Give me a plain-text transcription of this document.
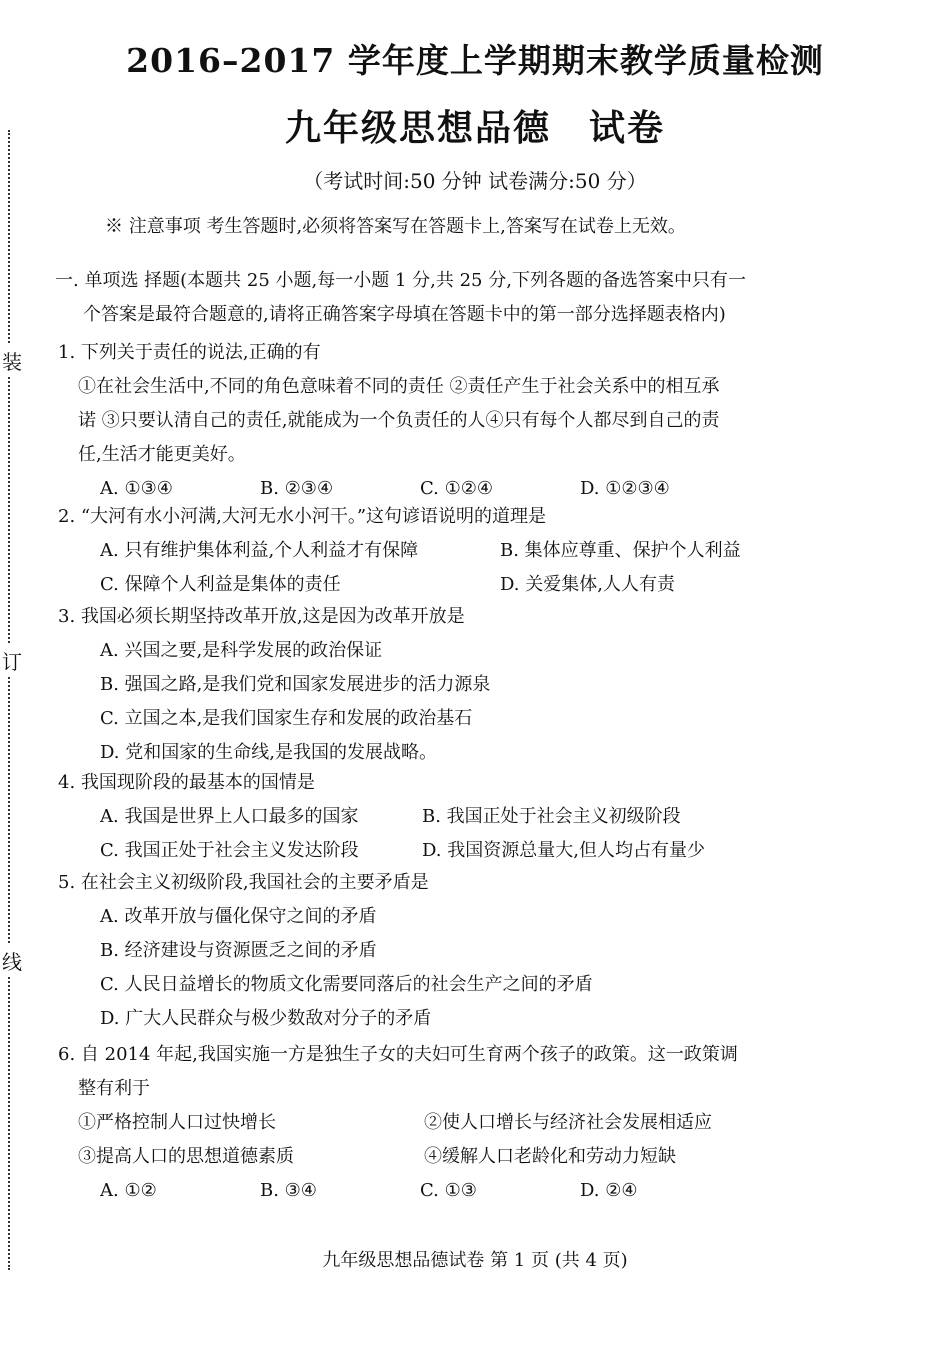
装
订
线
2016–2017 学年度上学期期末教学质量检测
九年级思想品德　试卷
（考试时间:50 分钟 试卷满分:50 分）
※ 注意事项 考生答题时,必须将答案写在答题卡上,答案写在试卷上无效。
一. 单项选 择题(本题共 25 小题,每一小题 1 分,共 25 分,下列各题的备选答案中只有一
个答案是最符合题意的,请将正确答案字母填在答题卡中的第一部分选择题表格内)
1. 下列关于责任的说法,正确的有
①在社会生活中,不同的角色意味着不同的责任 ②责任产生于社会关系中的相互承
诺 ③只要认清自己的责任,就能成为一个负责任的人④只有每个人都尽到自己的责
任,生活才能更美好。
A. ①③④	B. ②③④	C. ①②④	D. ①②③④
2. “大河有水小河满,大河无水小河干。”这句谚语说明的道理是
A. 只有维护集体利益,个人利益才有保障	B. 集体应尊重、保护个人利益
C. 保障个人利益是集体的责任	D. 关爱集体,人人有责
3. 我国必须长期坚持改革开放,这是因为改革开放是
A. 兴国之要,是科学发展的政治保证
B. 强国之路,是我们党和国家发展进步的活力源泉
C. 立国之本,是我们国家生存和发展的政治基石
D. 党和国家的生命线,是我国的发展战略。
4. 我国现阶段的最基本的国情是
A. 我国是世界上人口最多的国家	B. 我国正处于社会主义初级阶段
C. 我国正处于社会主义发达阶段	D. 我国资源总量大,但人均占有量少
5. 在社会主义初级阶段,我国社会的主要矛盾是
A. 改革开放与僵化保守之间的矛盾
B. 经济建设与资源匮乏之间的矛盾
C. 人民日益增长的物质文化需要同落后的社会生产之间的矛盾
D. 广大人民群众与极少数敌对分子的矛盾
6. 自 2014 年起,我国实施一方是独生子女的夫妇可生育两个孩子的政策。这一政策调
整有利于
①严格控制人口过快增长	②使人口增长与经济社会发展相适应
③提高人口的思想道德素质	④缓解人口老龄化和劳动力短缺
A. ①②	B. ③④	C. ①③	D. ②④
九年级思想品德试卷 第 1 页 (共 4 页)
